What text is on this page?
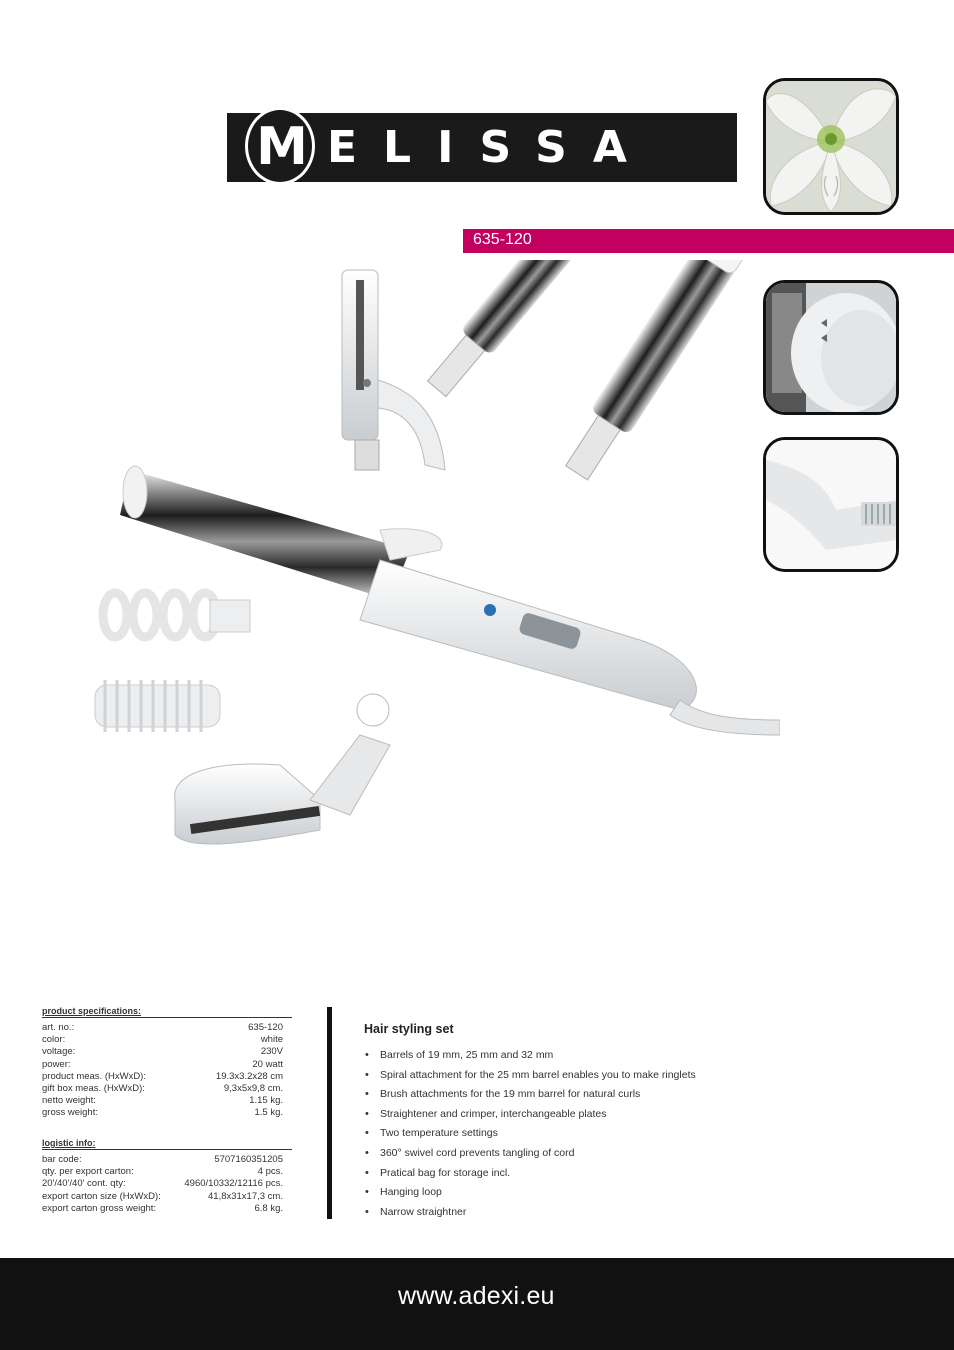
M ELISSA
635-120
product specifications:
art. no.:	635-120
color:	white
voltage:	230V
power:	20 watt
product meas. (HxWxD):	19.3x3.2x28 cm
gift box meas. (HxWxD):	9,3x5x9,8 cm.
netto weight:	1.15 kg.
gross weight:	1.5 kg.
logistic info:
bar code:	5707160351205
qty. per export carton:	4 pcs.
20'/40'/40' cont. qty:	4960/10332/12116 pcs.
export carton size (HxWxD):	41,8x31x17,3 cm.
export carton gross weight:	6.8 kg.
Hair styling set
• Barrels of 19 mm, 25 mm and 32 mm
• Spiral attachment for the 25 mm barrel enables you to make ringlets
• Brush attachments for the 19 mm barrel for natural curls
• Straightener and crimper, interchangeable plates
• Two temperature settings
• 360° swivel cord prevents tangling of cord
• Pratical bag for storage incl.
• Hanging loop
• Narrow straightner
www.adexi.eu
